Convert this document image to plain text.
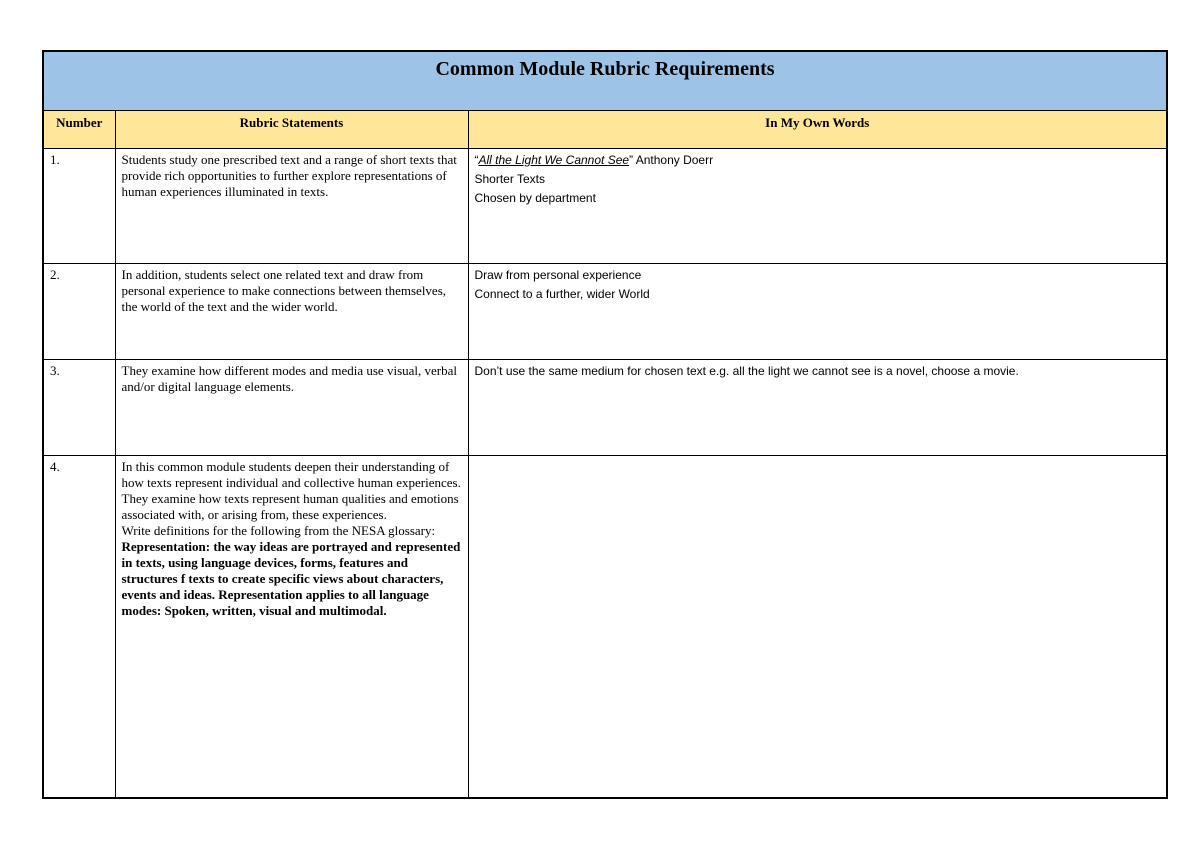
Common Module Rubric Requirements		
Number	Rubric Statements	In My Own Words
1.	Students study one prescribed text and a range of short texts that provide rich opportunities to further explore representations of human experiences illuminated in texts.	“All the Light We Cannot See” Anthony Doerr
Shorter Texts
Chosen by department

2.	In addition, students select one related text and draw from personal experience to make connections between themselves, the world of the text and the wider world.	Draw from personal experience
Connect to a further, wider World

3.	They examine how different modes and media use visual, verbal and/or digital language elements.	Don’t use the same medium for chosen text e.g. all the light we cannot see is a novel, choose a movie.

4.	In this common module students deepen their understanding of how texts represent individual and collective human experiences. They examine how texts represent human qualities and emotions associated with, or arising from, these experiences.
Write definitions for the following from the NESA glossary:
Representation: the way ideas are portrayed and represented in texts, using language devices, forms, features and structures f texts to create specific views about characters, events and ideas. Representation applies to all language modes: Spoken, written, visual and multimodal.	
